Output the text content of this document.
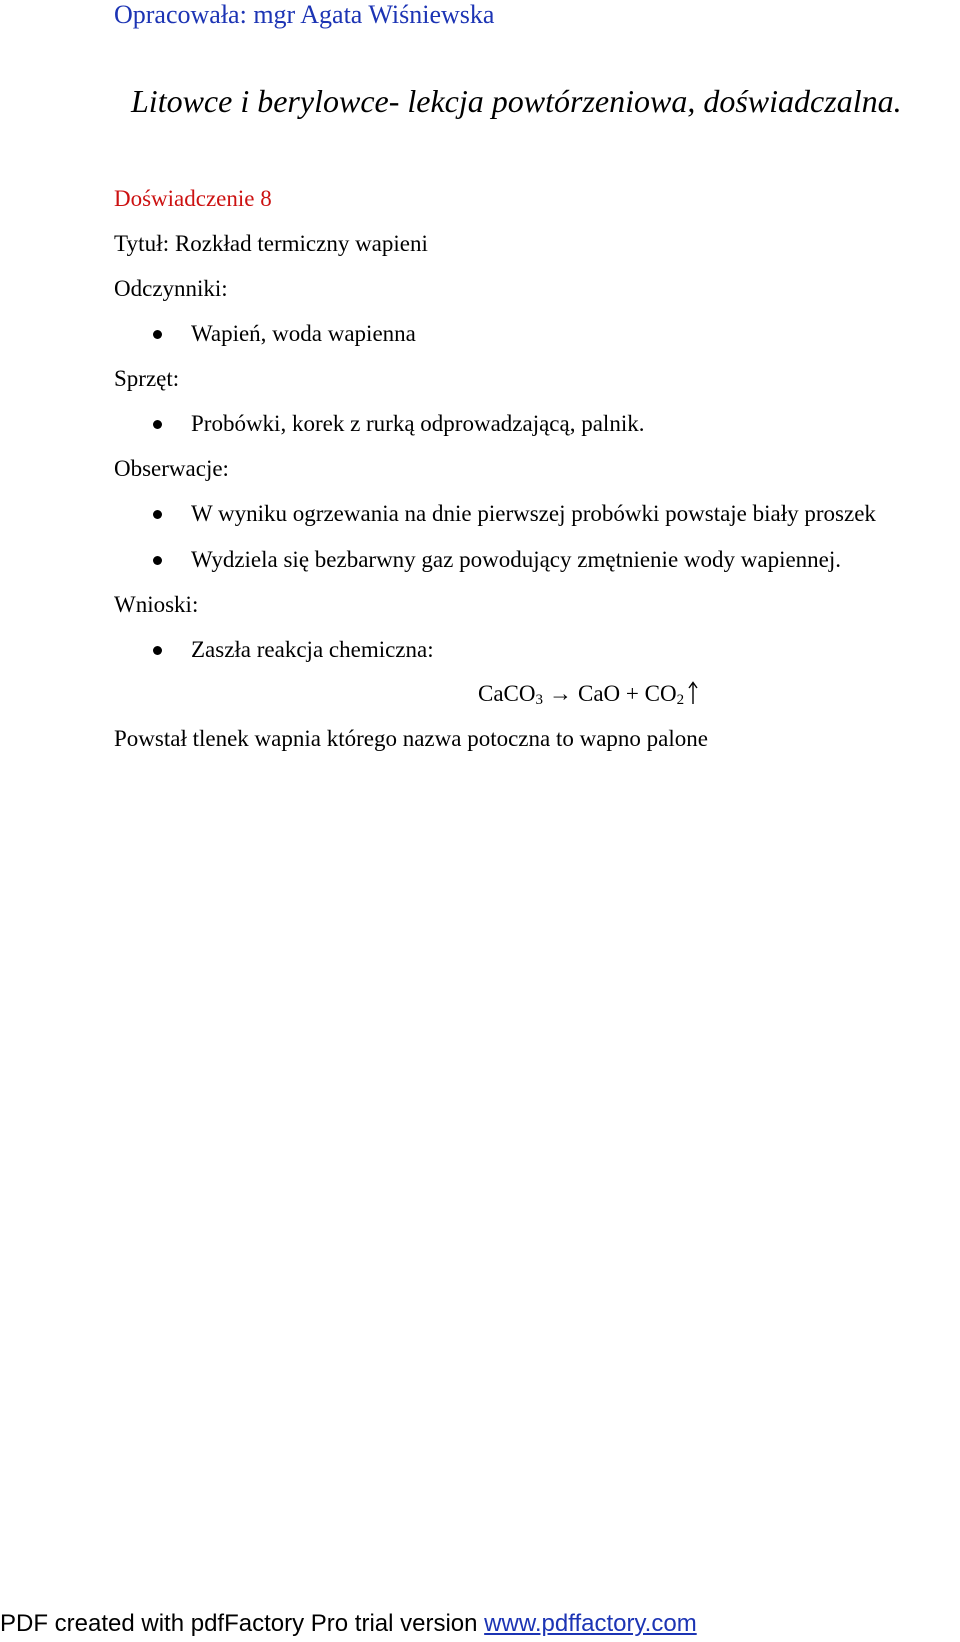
Opracowała: mgr Agata Wiśniewska
Litowce i berylowce- lekcja powtórzeniowa, doświadczalna.
Doświadczenie 8
Tytuł: Rozkład termiczny wapieni
Odczynniki:
Wapień, woda wapienna
Sprzęt:
Probówki, korek z rurką odprowadzającą, palnik.
Obserwacje:
W wyniku ogrzewania na dnie pierwszej probówki powstaje biały proszek
Wydziela się bezbarwny gaz powodujący zmętnienie wody wapiennej.
Wnioski:
Zaszła reakcja chemiczna:
CaCO$_3$ → CaO + $CO_2$
Powstał tlenek wapnia którego nazwa potoczna to wapno palone
PDF created with pdfFactory Pro trial version www.pdffactory.com
